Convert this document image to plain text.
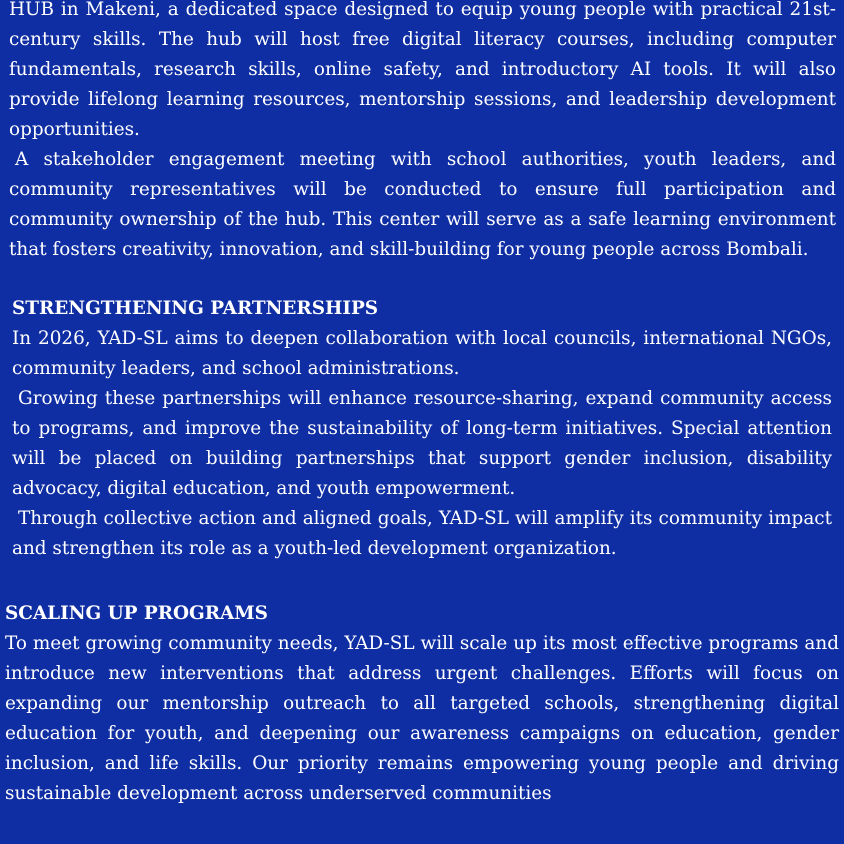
HUB in Makeni, a dedicated space designed to equip young people with practical 21st-century skills. The hub will host free digital literacy courses, including computer fundamentals, research skills, online safety, and introductory AI tools. It will also provide lifelong learning resources, mentorship sessions, and leadership development opportunities.

A stakeholder engagement meeting with school authorities, youth leaders, and community representatives will be conducted to ensure full participation and community ownership of the hub. This center will serve as a safe learning environment that fosters creativity, innovation, and skill-building for young people across Bombali.

STRENGTHENING PARTNERSHIPS

In 2026, YAD-SL aims to deepen collaboration with local councils, international NGOs, community leaders, and school administrations.

Growing these partnerships will enhance resource-sharing, expand community access to programs, and improve the sustainability of long-term initiatives. Special attention will be placed on building partnerships that support gender inclusion, disability advocacy, digital education, and youth empowerment.

Through collective action and aligned goals, YAD-SL will amplify its community impact and strengthen its role as a youth-led development organization.

SCALING UP PROGRAMS

To meet growing community needs, YAD-SL will scale up its most effective programs and introduce new interventions that address urgent challenges. Efforts will focus on expanding our mentorship outreach to all targeted schools, strengthening digital education for youth, and deepening our awareness campaigns on education, gender inclusion, and life skills. Our priority remains empowering young people and driving sustainable development across underserved communities
